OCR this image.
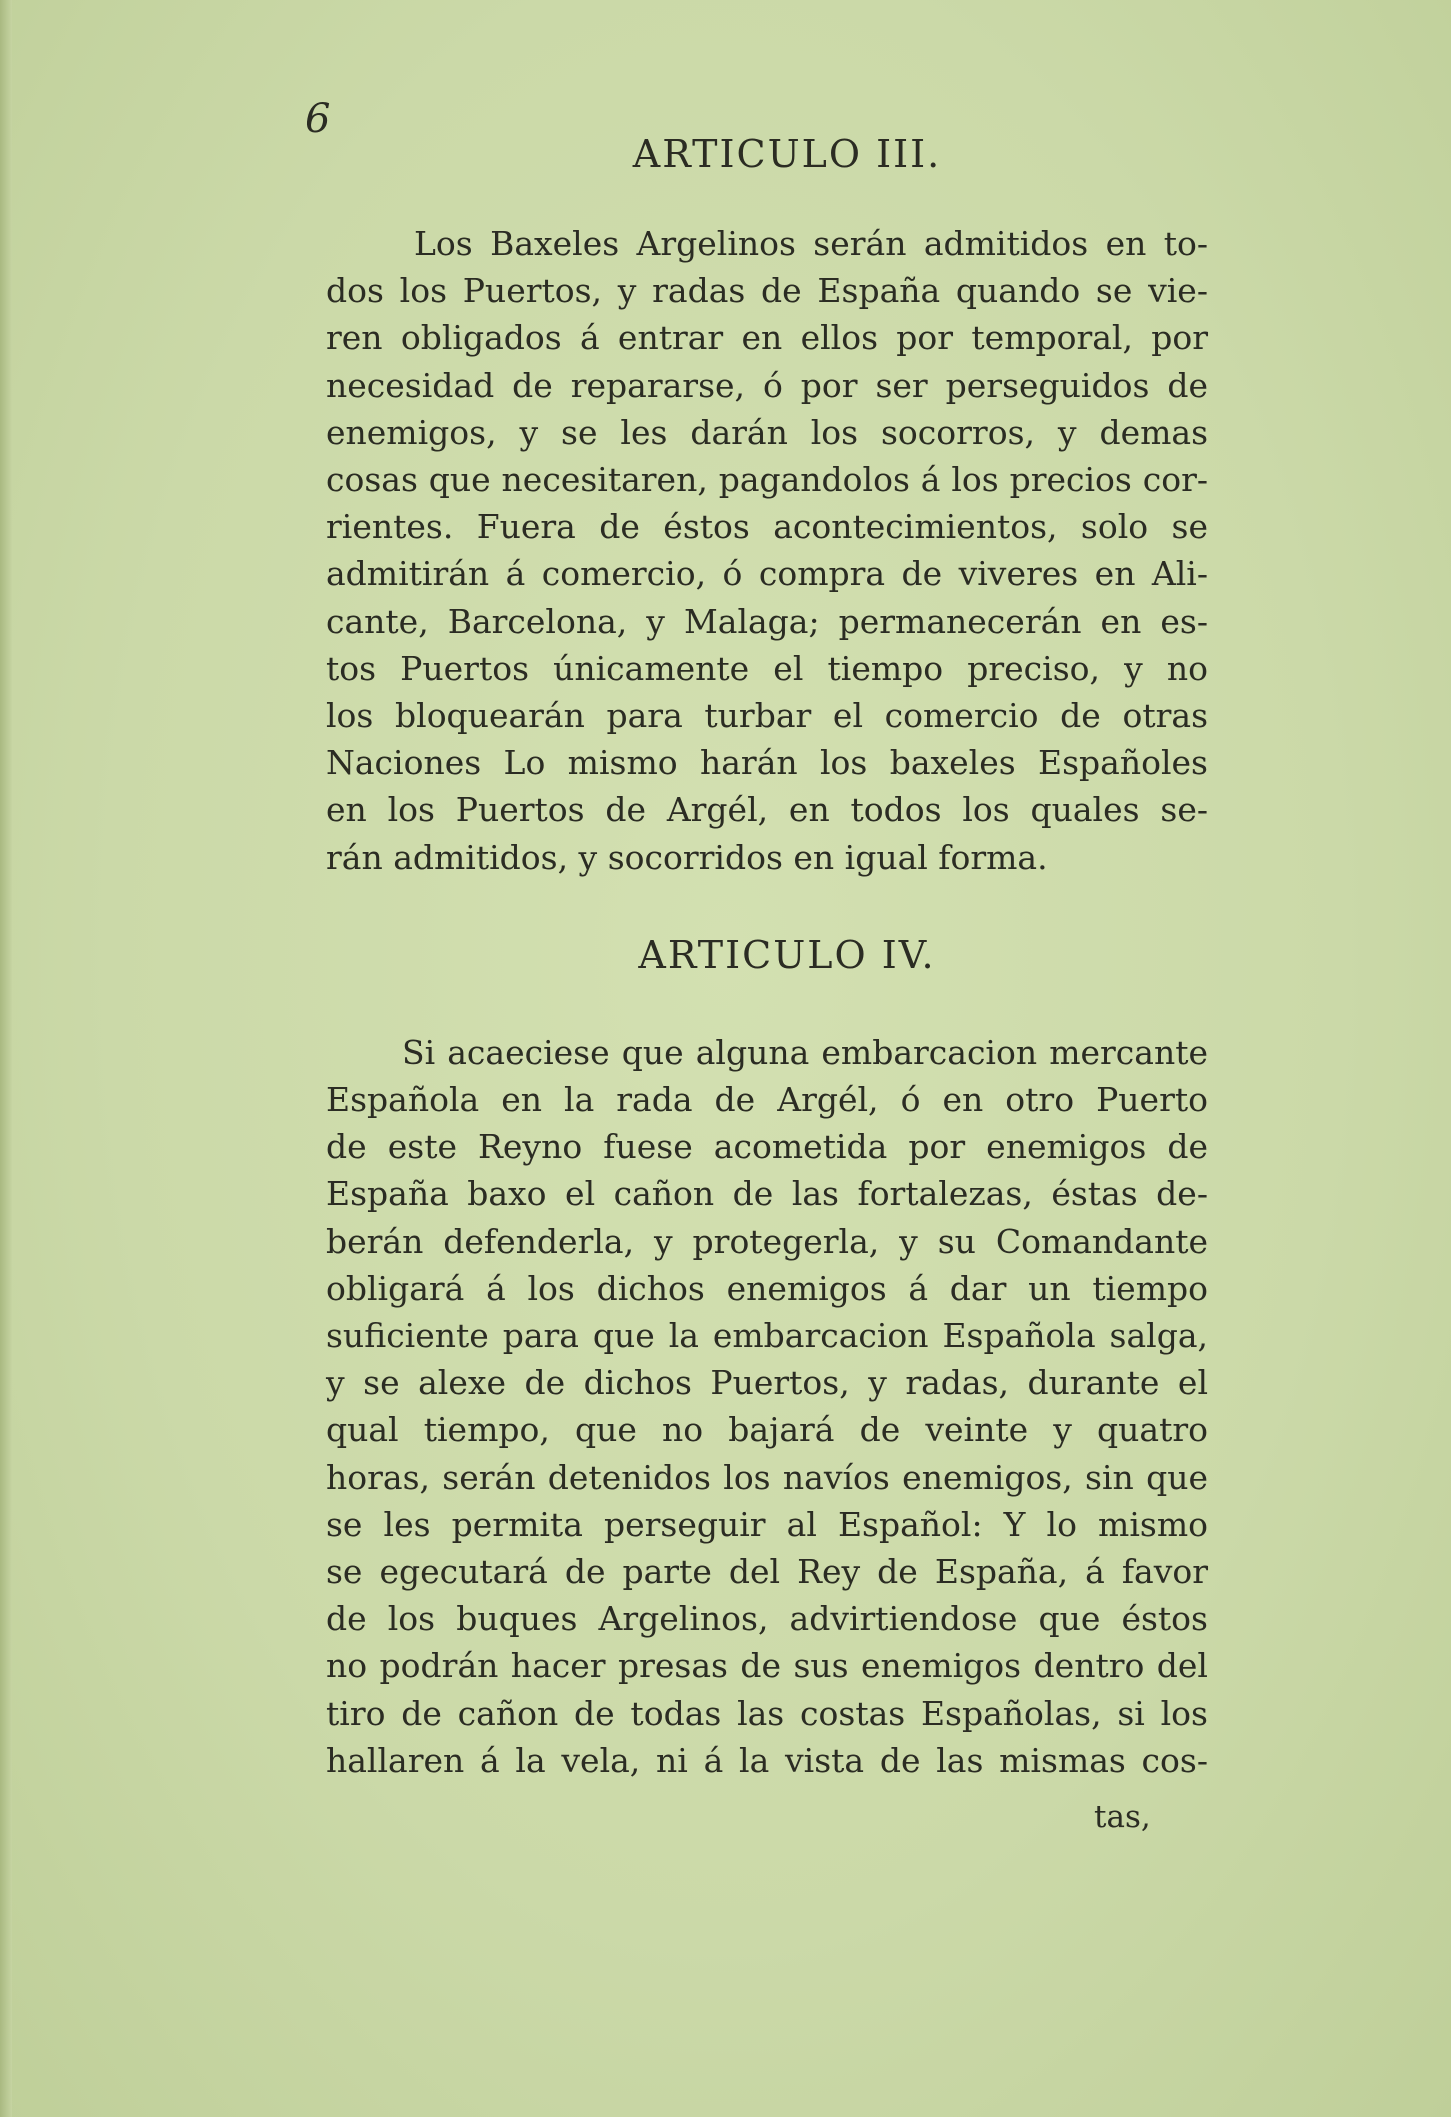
6
ARTICULO III.
Los Baxeles Argelinos serán admitidos en to-
dos los Puertos, y radas de España quando se vie-
ren obligados á entrar en ellos por temporal, por
necesidad de repararse, ó por ser perseguidos de
enemigos, y se les darán los socorros, y demas
cosas que necesitaren, pagandolos á los precios cor-
rientes. Fuera de éstos acontecimientos, solo se
admitirán á comercio, ó compra de viveres en Ali-
cante, Barcelona, y Malaga; permanecerán en es-
tos Puertos únicamente el tiempo preciso, y no
los bloquearán para turbar el comercio de otras
Naciones Lo mismo harán los baxeles Españoles
en los Puertos de Argél, en todos los quales se-
rán admitidos, y socorridos en igual forma.
ARTICULO IV.
Si acaeciese que alguna embarcacion mercante
Española en la rada de Argél, ó en otro Puerto
de este Reyno fuese acometida por enemigos de
España baxo el cañon de las fortalezas, éstas de-
berán defenderla, y protegerla, y su Comandante
obligará á los dichos enemigos á dar un tiempo
suficiente para que la embarcacion Española salga,
y se alexe de dichos Puertos, y radas, durante el
qual tiempo, que no bajará de veinte y quatro
horas, serán detenidos los navíos enemigos, sin que
se les permita perseguir al Español: Y lo mismo
se egecutará de parte del Rey de España, á favor
de los buques Argelinos, advirtiendose que éstos
no podrán hacer presas de sus enemigos dentro del
tiro de cañon de todas las costas Españolas, si los
hallaren á la vela, ni á la vista de las mismas cos-
tas,
